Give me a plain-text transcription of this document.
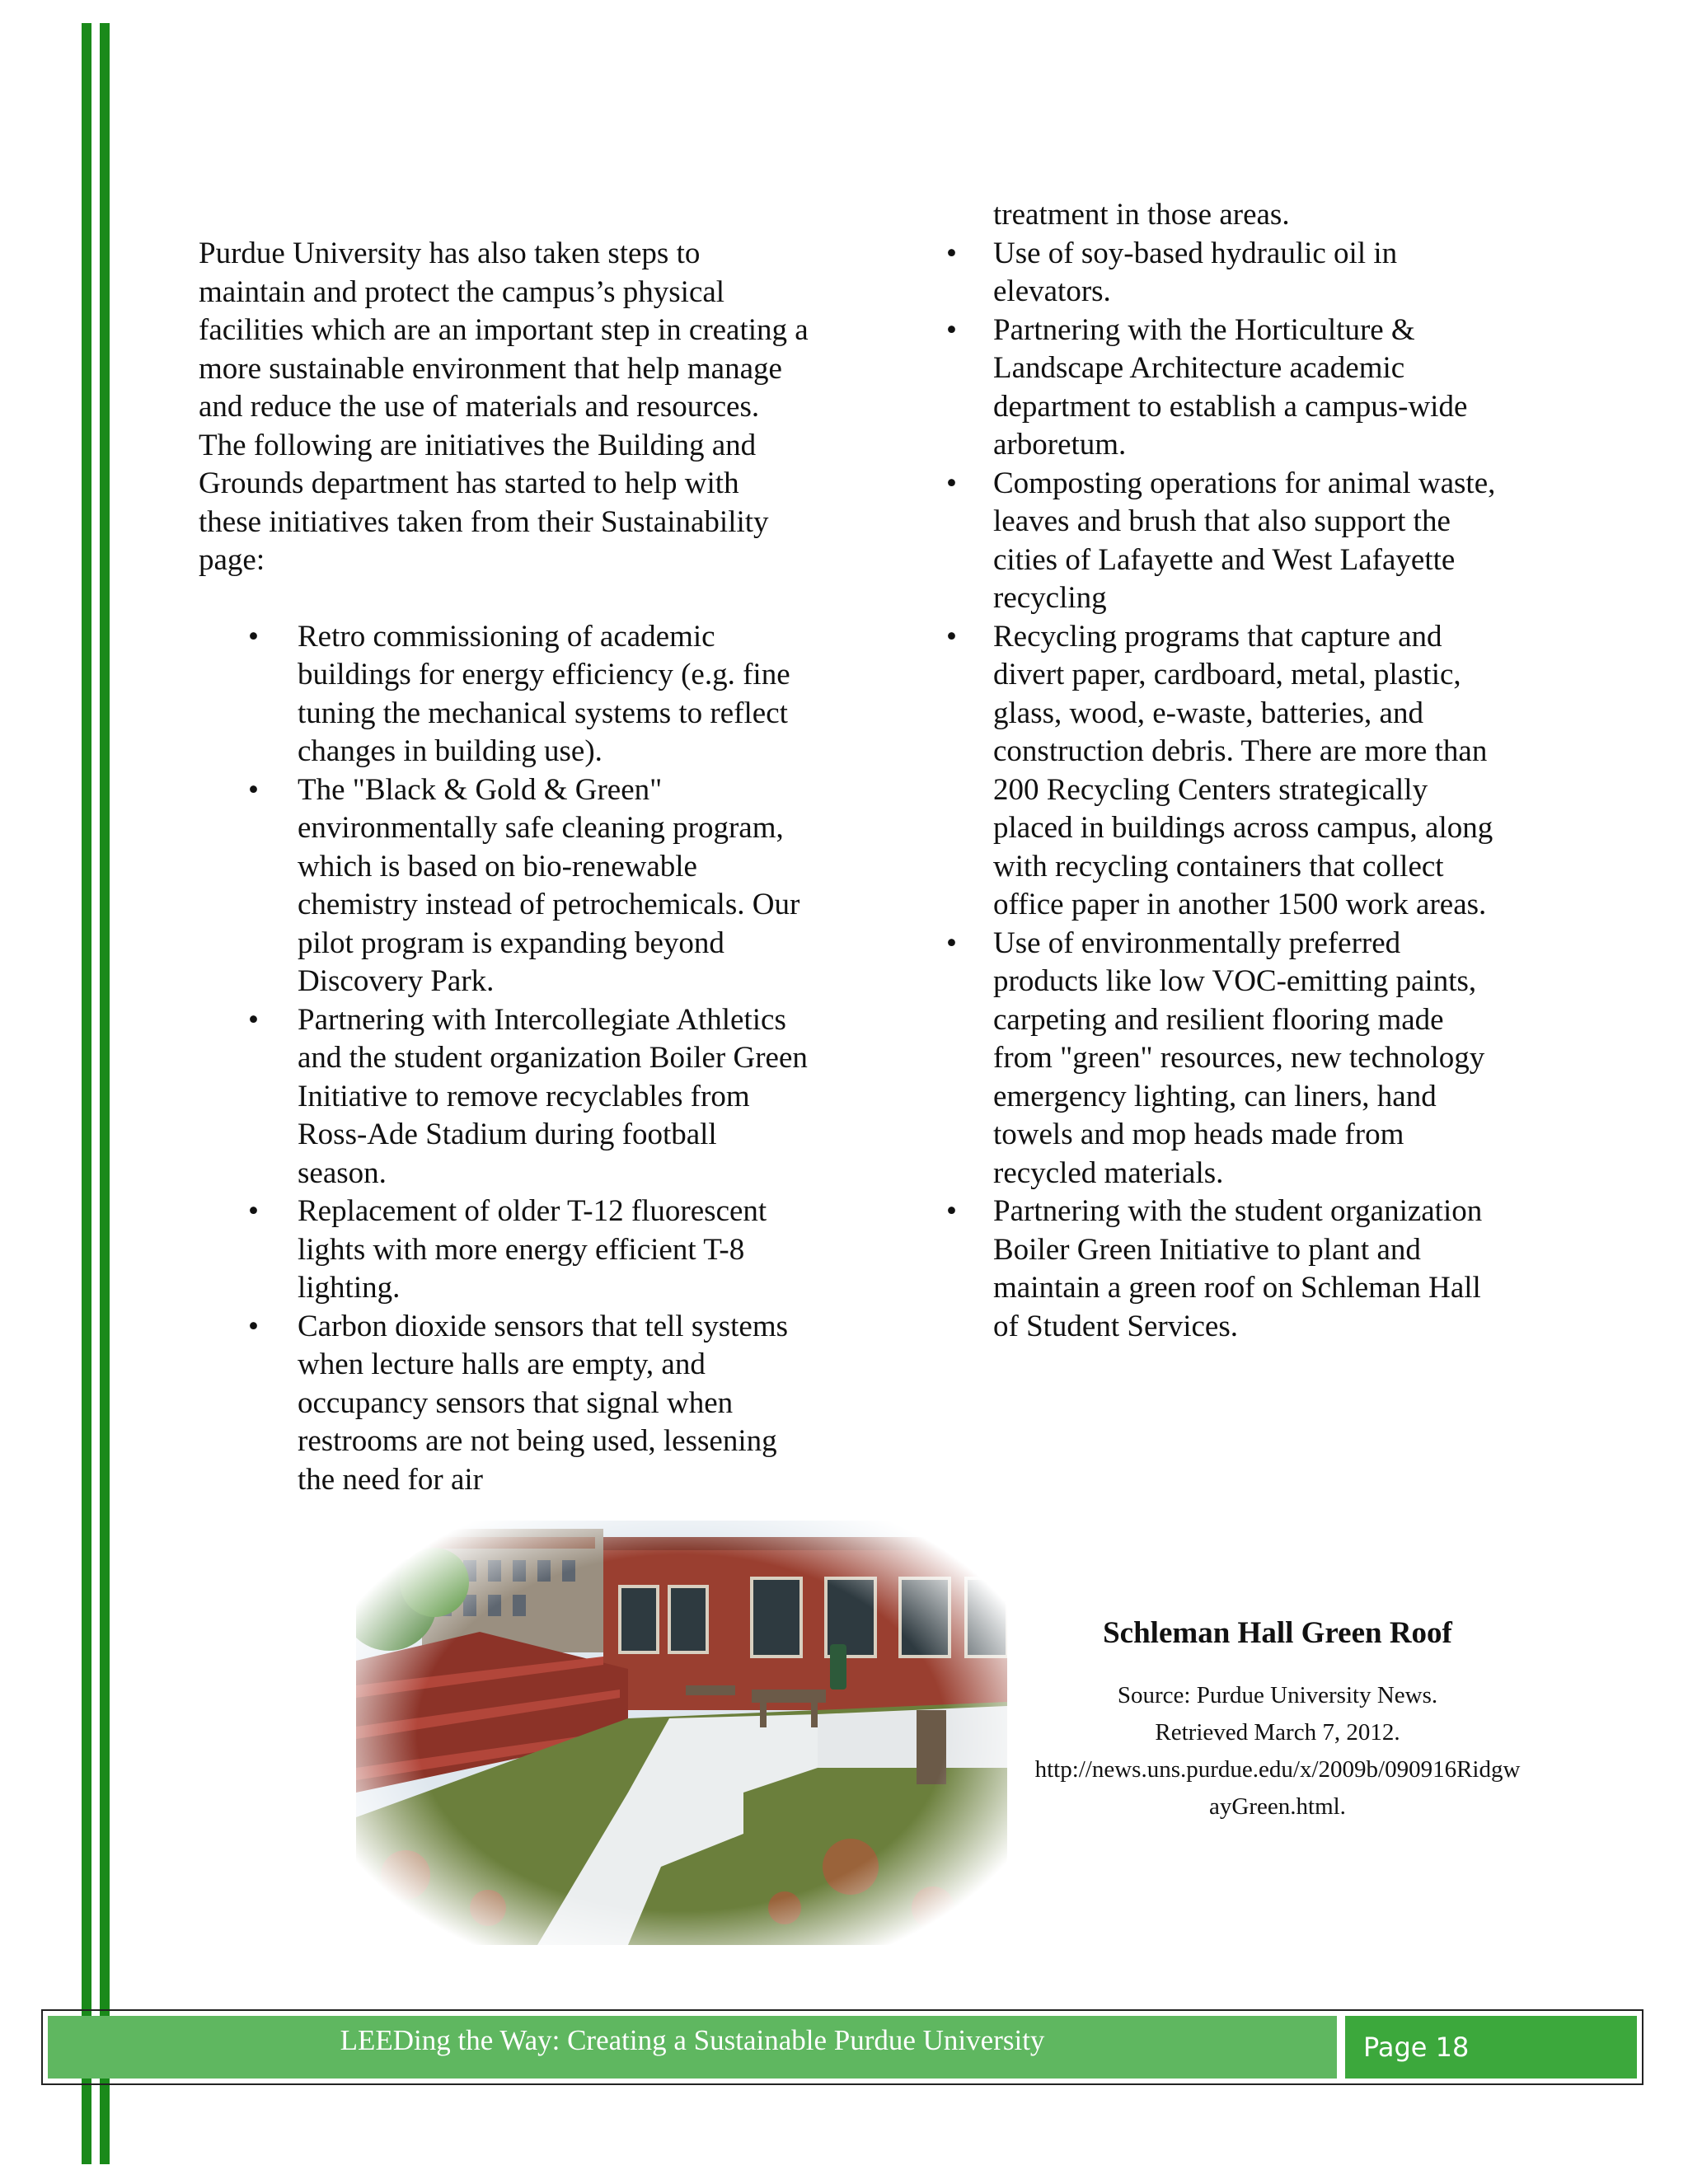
Purdue University has also taken steps to maintain and protect the campus’s physical facilities which are an important step in creating a more sustainable environment that help manage and reduce the use of materials and resources. The following are initiatives the Building and Grounds department has started to help with these initiatives taken from their Sustainability page:

• Retro commissioning of academic buildings for energy efficiency (e.g. fine tuning the mechanical systems to reflect changes in building use).
• The "Black & Gold & Green" environmentally safe cleaning program, which is based on bio-renewable chemistry instead of petrochemicals. Our pilot program is expanding beyond Discovery Park.
• Partnering with Intercollegiate Athletics and the student organization Boiler Green Initiative to remove recyclables from Ross-Ade Stadium during football season.
• Replacement of older T-12 fluorescent lights with more energy efficient T-8 lighting.
• Carbon dioxide sensors that tell systems when lecture halls are empty, and occupancy sensors that signal when restrooms are not being used, lessening the need for air

treatment in those areas.

• Use of soy-based hydraulic oil in elevators.
• Partnering with the Horticulture & Landscape Architecture academic department to establish a campus-wide arboretum.
• Composting operations for animal waste, leaves and brush that also support the cities of Lafayette and West Lafayette recycling
• Recycling programs that capture and divert paper, cardboard, metal, plastic, glass, wood, e-waste, batteries, and construction debris. There are more than 200 Recycling Centers strategically placed in buildings across campus, along with recycling containers that collect office paper in another 1500 work areas.
• Use of environmentally preferred products like low VOC-emitting paints, carpeting and resilient flooring made from "green" resources, new technology emergency lighting, can liners, hand towels and mop heads made from recycled materials.
• Partnering with the student organization Boiler Green Initiative to plant and maintain a green roof on Schleman Hall of Student Services.

Schleman Hall Green Roof

Source: Purdue University News.
Retrieved March 7, 2012.
http://news.uns.purdue.edu/x/2009b/090916RidgwayGreen.html.

LEEDing the Way: Creating a Sustainable Purdue University	Page 18
